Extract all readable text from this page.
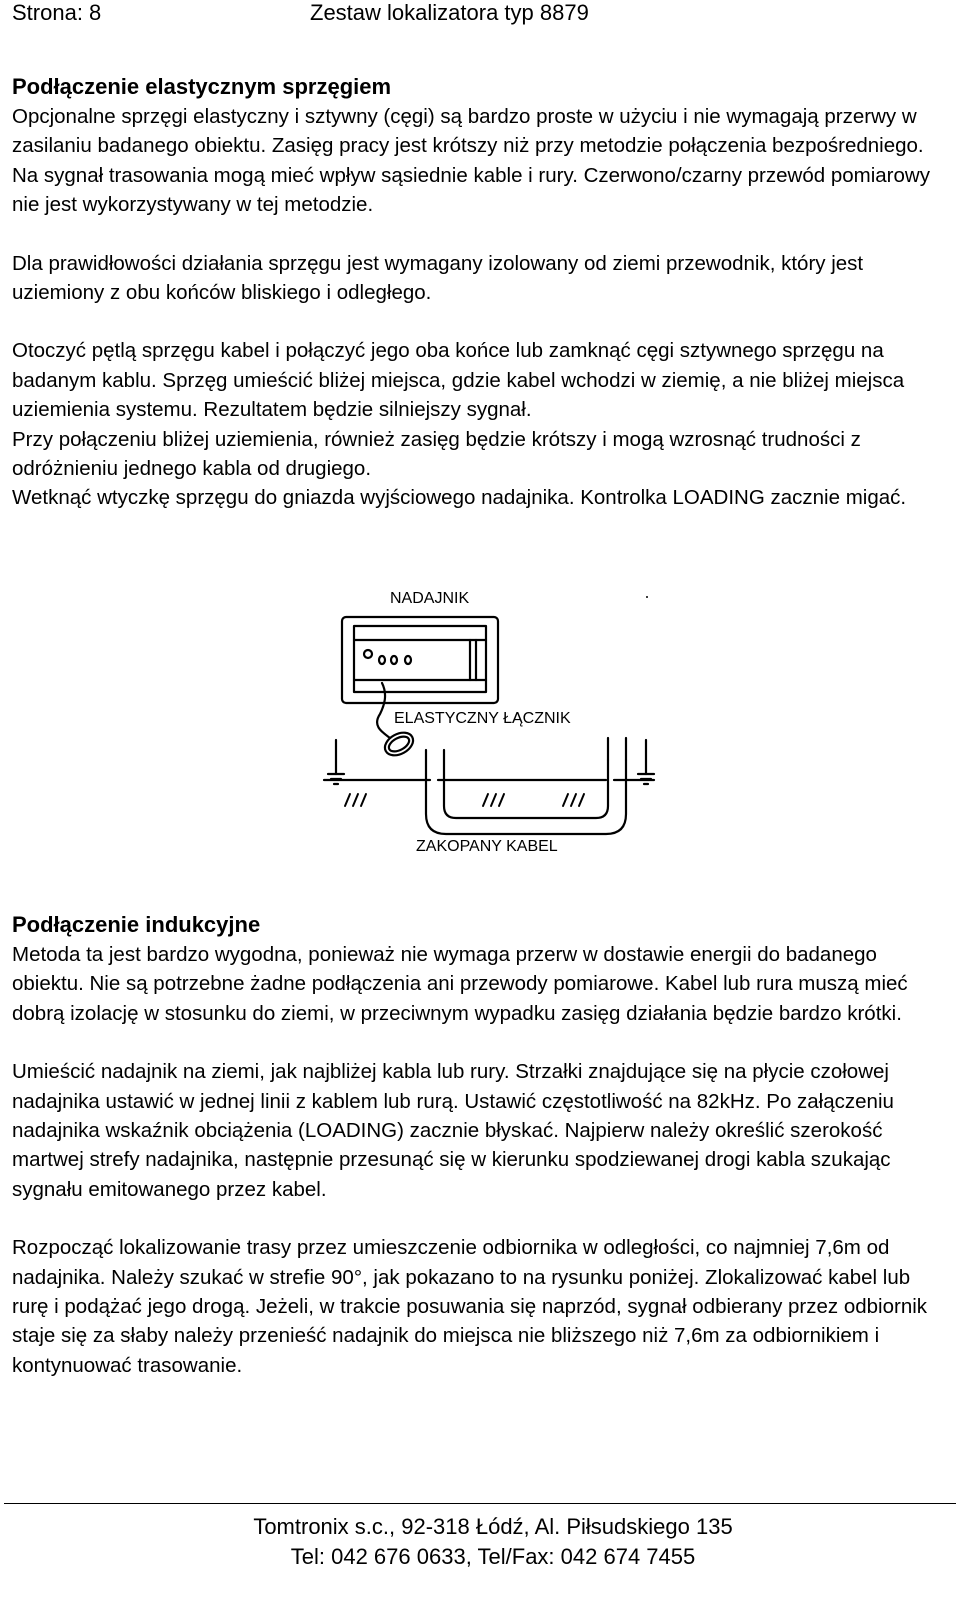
Strona: 8	Zestaw lokalizatora typ 8879
Podłączenie elastycznym sprzęgiem

Opcjonalne sprzęgi elastyczny i sztywny (cęgi) są bardzo proste w użyciu i nie wymagają przerwy w zasilaniu badanego obiektu. Zasięg pracy jest krótszy niż przy metodzie połączenia bezpośredniego. Na sygnał trasowania mogą mieć wpływ sąsiednie kable i rury. Czerwono/czarny przewód pomiarowy nie jest wykorzystywany w tej metodzie.

Dla prawidłowości działania sprzęgu jest wymagany izolowany od ziemi przewodnik, który jest uziemiony z obu końców bliskiego i odległego.

Otoczyć pętlą sprzęgu kabel i połączyć jego oba końce lub zamknąć cęgi sztywnego sprzęgu na badanym kablu. Sprzęg umieścić bliżej miejsca, gdzie kabel wchodzi w ziemię, a nie bliżej miejsca uziemienia systemu. Rezultatem będzie silniejszy sygnał.

Przy połączeniu bliżej uziemienia, również zasięg będzie krótszy i mogą wzrosnąć trudności z odróżnieniu jednego kabla od drugiego.

Wetknąć wtyczkę sprzęgu do gniazda wyjściowego nadajnika. Kontrolka LOADING zacznie migać.

NADAJNIK
ELASTYCZNY ŁĄCZNIK
ZAKOPANY KABEL
Podłączenie indukcyjne

Metoda ta jest bardzo wygodna, ponieważ nie wymaga przerw w dostawie energii do badanego obiektu. Nie są potrzebne żadne podłączenia ani przewody pomiarowe. Kabel lub rura muszą mieć dobrą izolację w stosunku do ziemi, w przeciwnym wypadku zasięg działania będzie bardzo krótki.

Umieścić nadajnik na ziemi, jak najbliżej kabla lub rury. Strzałki znajdujące się na płycie czołowej nadajnika ustawić w jednej linii z kablem lub rurą. Ustawić częstotliwość na 82kHz. Po załączeniu nadajnika wskaźnik obciążenia (LOADING) zacznie błyskać. Najpierw należy określić szerokość martwej strefy nadajnika, następnie przesunąć się w kierunku spodziewanej drogi kabla szukając sygnału emitowanego przez kabel.

Rozpocząć lokalizowanie trasy przez umieszczenie odbiornika w odległości, co najmniej 7,6m od nadajnika. Należy szukać w strefie 90°, jak pokazano to na rysunku poniżej. Zlokalizować kabel lub rurę i podążać jego drogą. Jeżeli, w trakcie posuwania się naprzód, sygnał odbierany przez odbiornik staje się za słaby należy przenieść nadajnik do miejsca nie bliższego niż 7,6m za odbiornikiem i kontynuować trasowanie.

Tomtronix s.c., 92-318 Łódź, Al. Piłsudskiego 135
Tel: 042 676 0633, Tel/Fax: 042 674 7455
